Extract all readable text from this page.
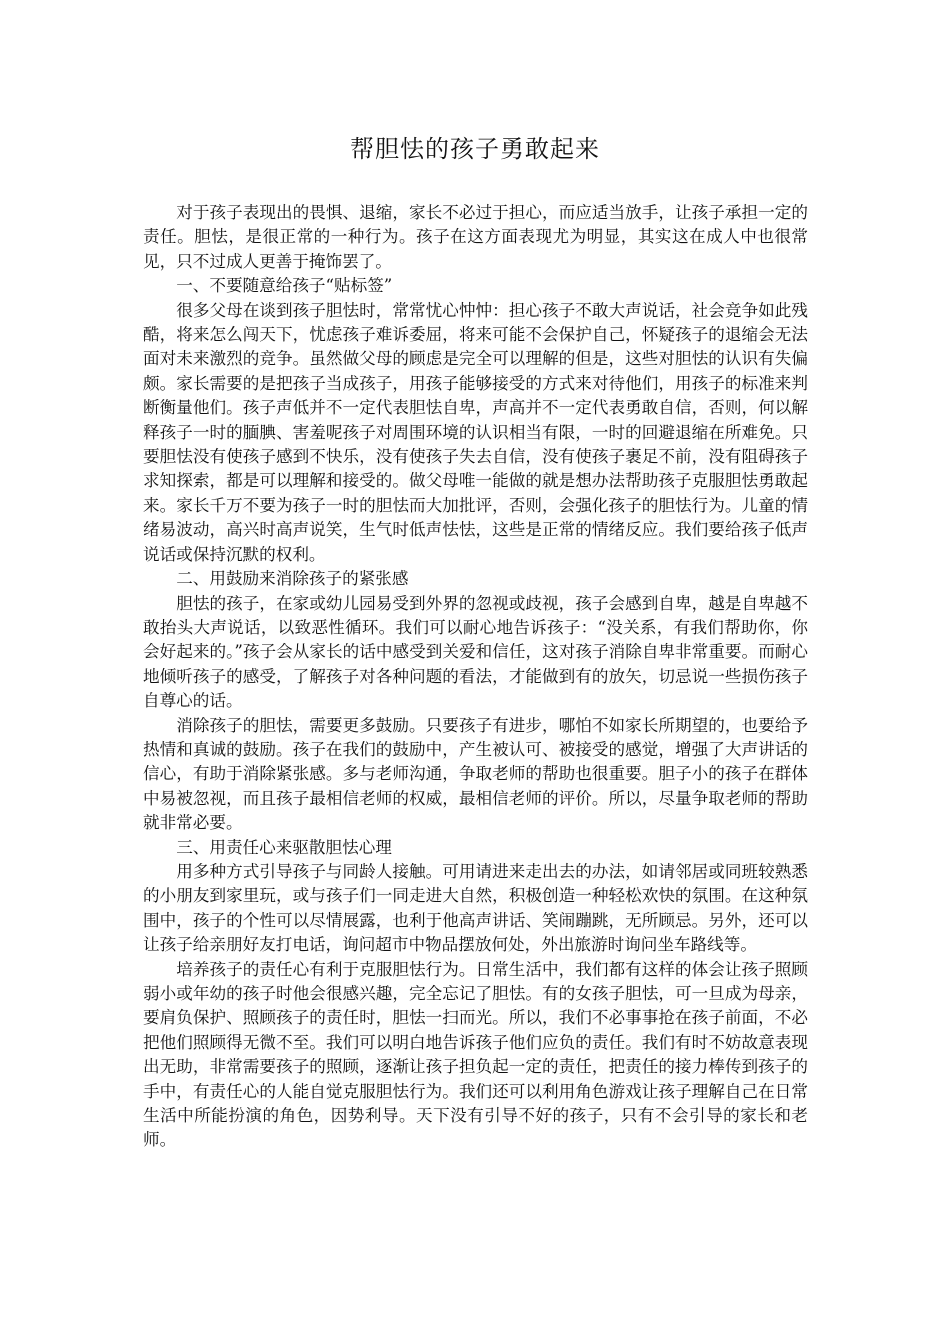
帮胆怯的孩子勇敢起来

对于孩子表现出的畏惧、退缩，家长不必过于担心，而应适当放手，让孩子承担一定的责任。胆怯，是很正常的一种行为。孩子在这方面表现尤为明显，其实这在成人中也很常见，只不过成人更善于掩饰罢了。

一、不要随意给孩子“贴标签”

很多父母在谈到孩子胆怯时，常常忧心忡忡：担心孩子不敢大声说话，社会竞争如此残酷，将来怎么闯天下，忧虑孩子难诉委屈，将来可能不会保护自己，怀疑孩子的退缩会无法面对未来激烈的竞争。虽然做父母的顾虑是完全可以理解的但是，这些对胆怯的认识有失偏颇。家长需要的是把孩子当成孩子，用孩子能够接受的方式来对待他们，用孩子的标准来判断衡量他们。孩子声低并不一定代表胆怯自卑，声高并不一定代表勇敢自信，否则，何以解释孩子一时的腼腆、害羞呢孩子对周围环境的认识相当有限，一时的回避退缩在所难免。只要胆怯没有使孩子感到不快乐，没有使孩子失去自信，没有使孩子裹足不前，没有阻碍孩子求知探索，都是可以理解和接受的。做父母唯一能做的就是想办法帮助孩子克服胆怯勇敢起来。家长千万不要为孩子一时的胆怯而大加批评，否则，会强化孩子的胆怯行为。儿童的情绪易波动，高兴时高声说笑，生气时低声怯怯，这些是正常的情绪反应。我们要给孩子低声说话或保持沉默的权利。

二、用鼓励来消除孩子的紧张感

胆怯的孩子，在家或幼儿园易受到外界的忽视或歧视，孩子会感到自卑，越是自卑越不敢抬头大声说话，以致恶性循环。我们可以耐心地告诉孩子：“没关系，有我们帮助你，你会好起来的。”孩子会从家长的话中感受到关爱和信任，这对孩子消除自卑非常重要。而耐心地倾听孩子的感受，了解孩子对各种问题的看法，才能做到有的放矢，切忌说一些损伤孩子自尊心的话。

消除孩子的胆怯，需要更多鼓励。只要孩子有进步，哪怕不如家长所期望的，也要给予热情和真诚的鼓励。孩子在我们的鼓励中，产生被认可、被接受的感觉，增强了大声讲话的信心，有助于消除紧张感。多与老师沟通，争取老师的帮助也很重要。胆子小的孩子在群体中易被忽视，而且孩子最相信老师的权威，最相信老师的评价。所以，尽量争取老师的帮助就非常必要。

三、用责任心来驱散胆怯心理

用多种方式引导孩子与同龄人接触。可用请进来走出去的办法，如请邻居或同班较熟悉的小朋友到家里玩，或与孩子们一同走进大自然，积极创造一种轻松欢快的氛围。在这种氛围中，孩子的个性可以尽情展露，也利于他高声讲话、笑闹蹦跳，无所顾忌。另外，还可以让孩子给亲朋好友打电话，询问超市中物品摆放何处，外出旅游时询问坐车路线等。

培养孩子的责任心有利于克服胆怯行为。日常生活中，我们都有这样的体会让孩子照顾弱小或年幼的孩子时他会很感兴趣，完全忘记了胆怯。有的女孩子胆怯，可一旦成为母亲，要肩负保护、照顾孩子的责任时，胆怯一扫而光。所以，我们不必事事抢在孩子前面，不必把他们照顾得无微不至。我们可以明白地告诉孩子他们应负的责任。我们有时不妨故意表现出无助，非常需要孩子的照顾，逐渐让孩子担负起一定的责任，把责任的接力棒传到孩子的手中，有责任心的人能自觉克服胆怯行为。我们还可以利用角色游戏让孩子理解自己在日常生活中所能扮演的角色，因势利导。天下没有引导不好的孩子，只有不会引导的家长和老师。
